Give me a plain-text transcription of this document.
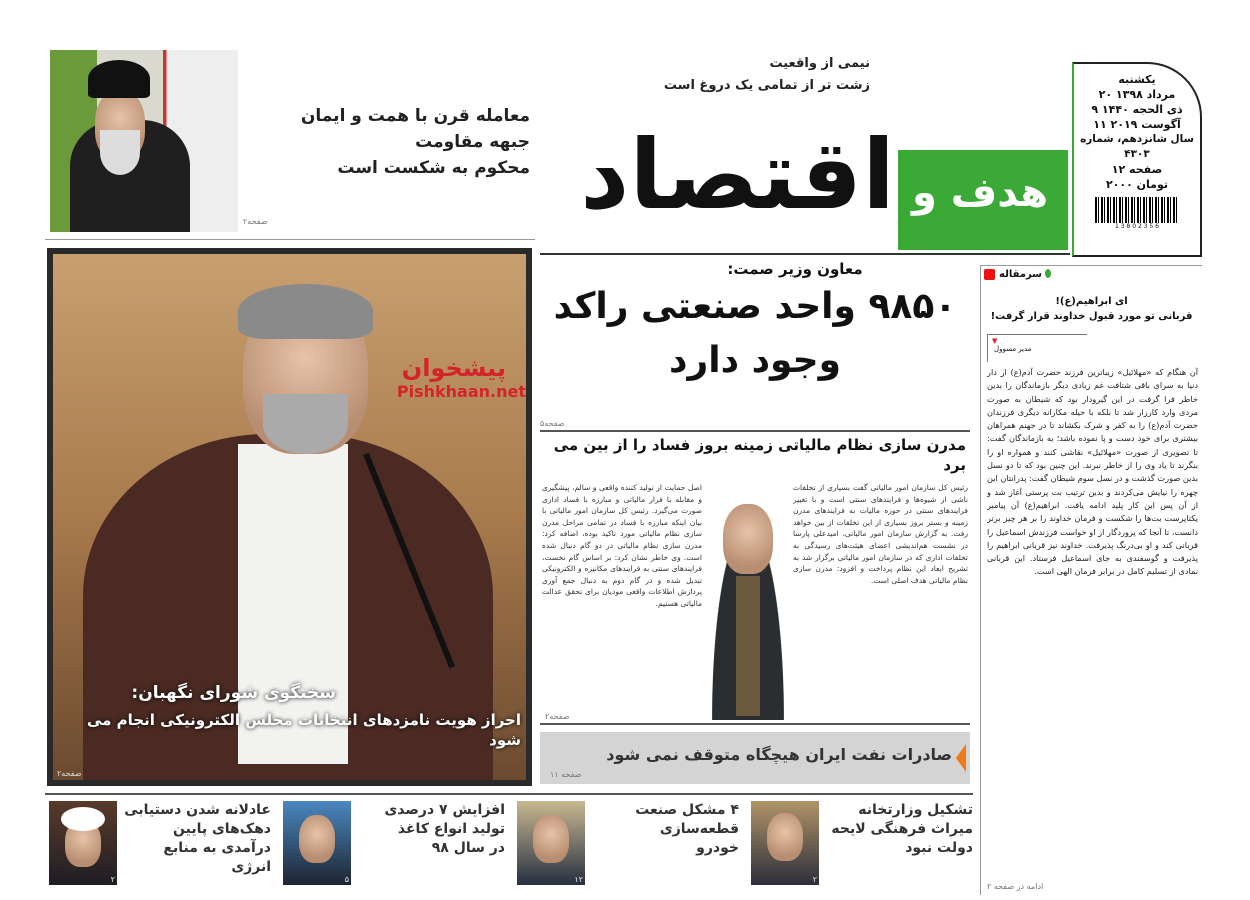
معامله قرن با همت و ایمان
جبهه مقاومت
محکوم به شکست است
صفحه۲	اقتصاد هدف و
نیمی از واقعیت
زشت تر از تمامی یک دروغ است	یکشنبه
۲۰ مرداد ۱۳۹۸
۹ ذی الحجه ۱۴۴۰
۱۱ آگوست ۲۰۱۹
سال شانزدهم، شماره ۴۳۰۳
۱۲ صفحه
۲۰۰۰ تومان
1 3 8 0 2 3 5 6
پیشخوان
Pishkhaan.net
سخنگوی شورای نگهبان:
احراز هویت نامزدهای انتخابات مجلس الکترونیکی انجام می شود
صفحه۲
معاون وزیر صمت:
۹۸۵۰ واحد صنعتی راکد
وجود دارد
صفحه۵
مدرن سازی نظام مالیاتی زمینه بروز فساد را از بین می برد
رئیس کل سازمان امور مالیاتی گفت بسیاری از تخلفات ناشی از شیوه‌ها و فرایندهای سنتی است و با تغییر فرایندهای سنتی در حوزه مالیات به فرایندهای مدرن زمینه و بستر بروز بسیاری از این تخلفات از بین خواهد رفت. به گزارش سازمان امور مالیاتی، امیدعلی پارسا در نشست هم‌اندیشی اعضای هیئت‌های رسیدگی به تخلفات اداری که در سازمان امور مالیاتی برگزار شد به تشریح ابعاد این نظام پرداخت و افزود: مدرن سازی نظام مالیاتی هدف اصلی است.
اصل حمایت از تولید کننده واقعی و سالم، پیشگیری و مقابله با فرار مالیاتی و مبارزه با فساد اداری صورت می‌گیرد. رئیس کل سازمان امور مالیاتی با بیان اینکه مبارزه با فساد در تمامی مراحل مدرن سازی نظام مالیاتی مورد تاکید بوده، اضافه کرد: مدرن سازی نظام مالیاتی در دو گام دنبال شده است. وی خاطر نشان کرد: بر اساس گام نخست، فرایندهای سنتی به فرایندهای مکانیزه و الکترونیکی تبدیل شده و در گام دوم به دنبال جمع آوری پردازش اطلاعات واقعی مودیان برای تحقق عدالت مالیاتی هستیم.
صفحه۲
صادرات نفت ایران هیچگاه متوقف نمی شود
صفحه ۱۱
سرمقاله
ای ابراهیم(ع)!
قربانی تو مورد قبول خداوند قرار گرفت!
▼
مدیر مسوول
آن هنگام که «مهلائیل» زیباترین فرزند حضرت آدم(ع) از دار دنیا به سرای باقی شتافت غم زیادی دیگر بازماندگان را بدین خاطر فرا گرفت در این گیرودار بود که شیطان به صورت مردی وارد کارزار شد تا بلکه با حیله مکارانه دیگری فرزندان حضرت آدم(ع) را به کفر و شرک بکشاند تا در جهنم همراهان بیشتری برای خود دست و پا نموده باشد؛ به بازماندگان گفت: تا تصویری از صورت «مهلائیل» نقاشی کنند و همواره او را بنگرند تا یاد وی را از خاطر نبرند. این چنین بود که تا دو نسل بدین صورت گذشت و در نسل سوم شیطان گفت: پدرانتان این چهره را نیایش می‌کردند و بدین ترتیب بت پرستی آغاز شد و از آن پس این کار پلید ادامه یافت. ابراهیم(ع) آن پیامبر یکتاپرست بت‌ها را شکست و فرمان خداوند را بر هر چیز برتر دانست، تا آنجا که پروردگار از او خواست فرزندش اسماعیل را قربانی کند و او بی‌درنگ پذیرفت. خداوند نیز قربانی ابراهیم را پذیرفت و گوسفندی به جای اسماعیل فرستاد. این قربانی نمادی از تسلیم کامل در برابر فرمان الهی است.
ادامه در صفحه ۲
تشکیل وزارتخانه
میراث فرهنگی لایحه
دولت نبود
۲
۴ مشکل صنعت
قطعه‌سازی
خودرو
۱۲
افزایش ۷ درصدی
تولید انواع کاغذ
در سال ۹۸
۵
عادلانه شدن دستیابی
دهک‌های پایین
درآمدی به منابع انرژی
۲
